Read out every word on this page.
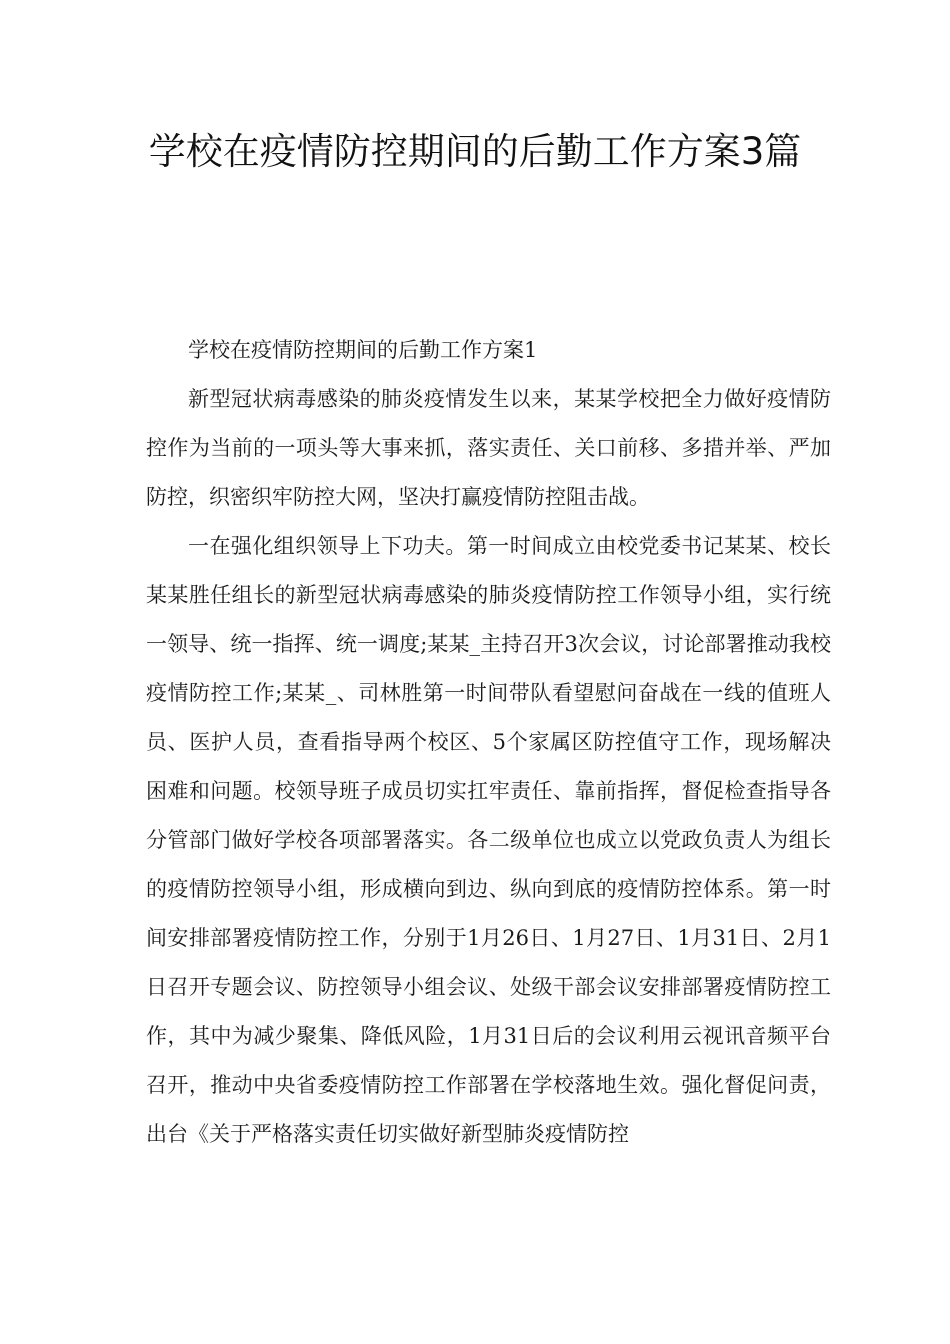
学校在疫情防控期间的后勤工作方案3篇

学校在疫情防控期间的后勤工作方案1

新型冠状病毒感染的肺炎疫情发生以来，某某学校把全力做好疫情防控作为当前的一项头等大事来抓，落实责任、关口前移、多措并举、严加防控，织密织牢防控大网，坚决打赢疫情防控阻击战。

一在强化组织领导上下功夫。第一时间成立由校党委书记某某、校长某某胜任组长的新型冠状病毒感染的肺炎疫情防控工作领导小组，实行统一领导、统一指挥、统一调度;某某_主持召开3次会议，讨论部署推动我校疫情防控工作;某某_、司林胜第一时间带队看望慰问奋战在一线的值班人员、医护人员，查看指导两个校区、5个家属区防控值守工作，现场解决困难和问题。校领导班子成员切实扛牢责任、靠前指挥，督促检查指导各分管部门做好学校各项部署落实。各二级单位也成立以党政负责人为组长的疫情防控领导小组，形成横向到边、纵向到底的疫情防控体系。第一时间安排部署疫情防控工作，分别于1月26日、1月27日、1月31日、2月1日召开专题会议、防控领导小组会议、处级干部会议安排部署疫情防控工作，其中为减少聚集、降低风险，1月31日后的会议利用云视讯音频平台召开，推动中央省委疫情防控工作部署在学校落地生效。强化督促问责，出台《关于严格落实责任切实做好新型肺炎疫情防控
